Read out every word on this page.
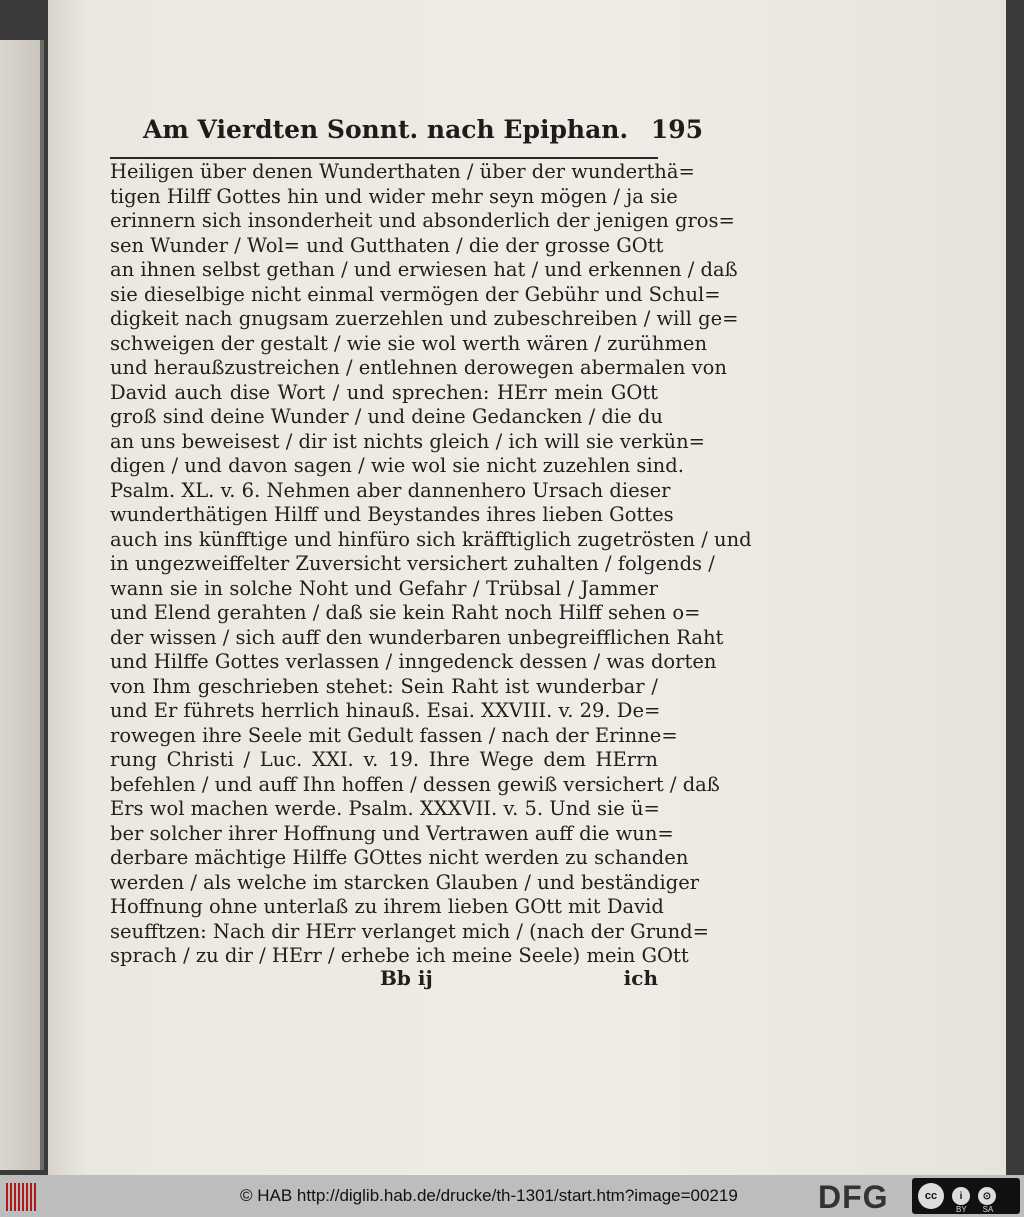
Am Vierdten Sonnt. nach Epiphan. 195
Heiligen über denen Wunderthaten / über der wunderthä=
tigen Hilff Gottes hin und wider mehr seyn mögen / ja sie
erinnern sich insonderheit und absonderlich der jenigen gros=
sen Wunder / Wol= und Gutthaten / die der grosse GOtt
an ihnen selbst gethan / und erwiesen hat / und erkennen / daß
sie dieselbige nicht einmal vermögen der Gebühr und Schul=
digkeit nach gnugsam zuerzehlen und zubeschreiben / will ge=
schweigen der gestalt / wie sie wol werth wären / zurühmen
und heraußzustreichen / entlehnen derowegen abermalen von
David auch dise Wort / und sprechen: HErr mein GOtt
groß sind deine Wunder / und deine Gedancken / die du
an uns beweisest / dir ist nichts gleich / ich will sie verkün=
digen / und davon sagen / wie wol sie nicht zuzehlen sind.
Psalm. XL. v. 6. Nehmen aber dannenhero Ursach dieser
wunderthätigen Hilff und Beystandes ihres lieben Gottes
auch ins künfftige und hinfüro sich kräfftiglich zugetrösten / und
in ungezweiffelter Zuversicht versichert zuhalten / folgends /
wann sie in solche Noht und Gefahr / Trübsal / Jammer
und Elend gerahten / daß sie kein Raht noch Hilff sehen o=
der wissen / sich auff den wunderbaren unbegreifflichen Raht
und Hilffe Gottes verlassen / inngedenck dessen / was dorten
von Ihm geschrieben stehet: Sein Raht ist wunderbar /
und Er führets herrlich hinauß. Esai. XXVIII. v. 29. De=
rowegen ihre Seele mit Gedult fassen / nach der Erinne=
rung Christi / Luc. XXI. v. 19. Ihre Wege dem HErrn
befehlen / und auff Ihn hoffen / dessen gewiß versichert / daß
Ers wol machen werde. Psalm. XXXVII. v. 5. Und sie ü=
ber solcher ihrer Hoffnung und Vertrawen auff die wun=
derbare mächtige Hilffe GOttes nicht werden zu schanden
werden / als welche im starcken Glauben / und beständiger
Hoffnung ohne unterlaß zu ihrem lieben GOtt mit David
seufftzen: Nach dir HErr verlanget mich / (nach der Grund=
sprach / zu dir / HErr / erhebe ich meine Seele) mein GOtt
Bb ij	ich
© HAB http://diglib.hab.de/drucke/th-1301/start.htm?image=00219	DFG	cc	i	⊙
BY SA
